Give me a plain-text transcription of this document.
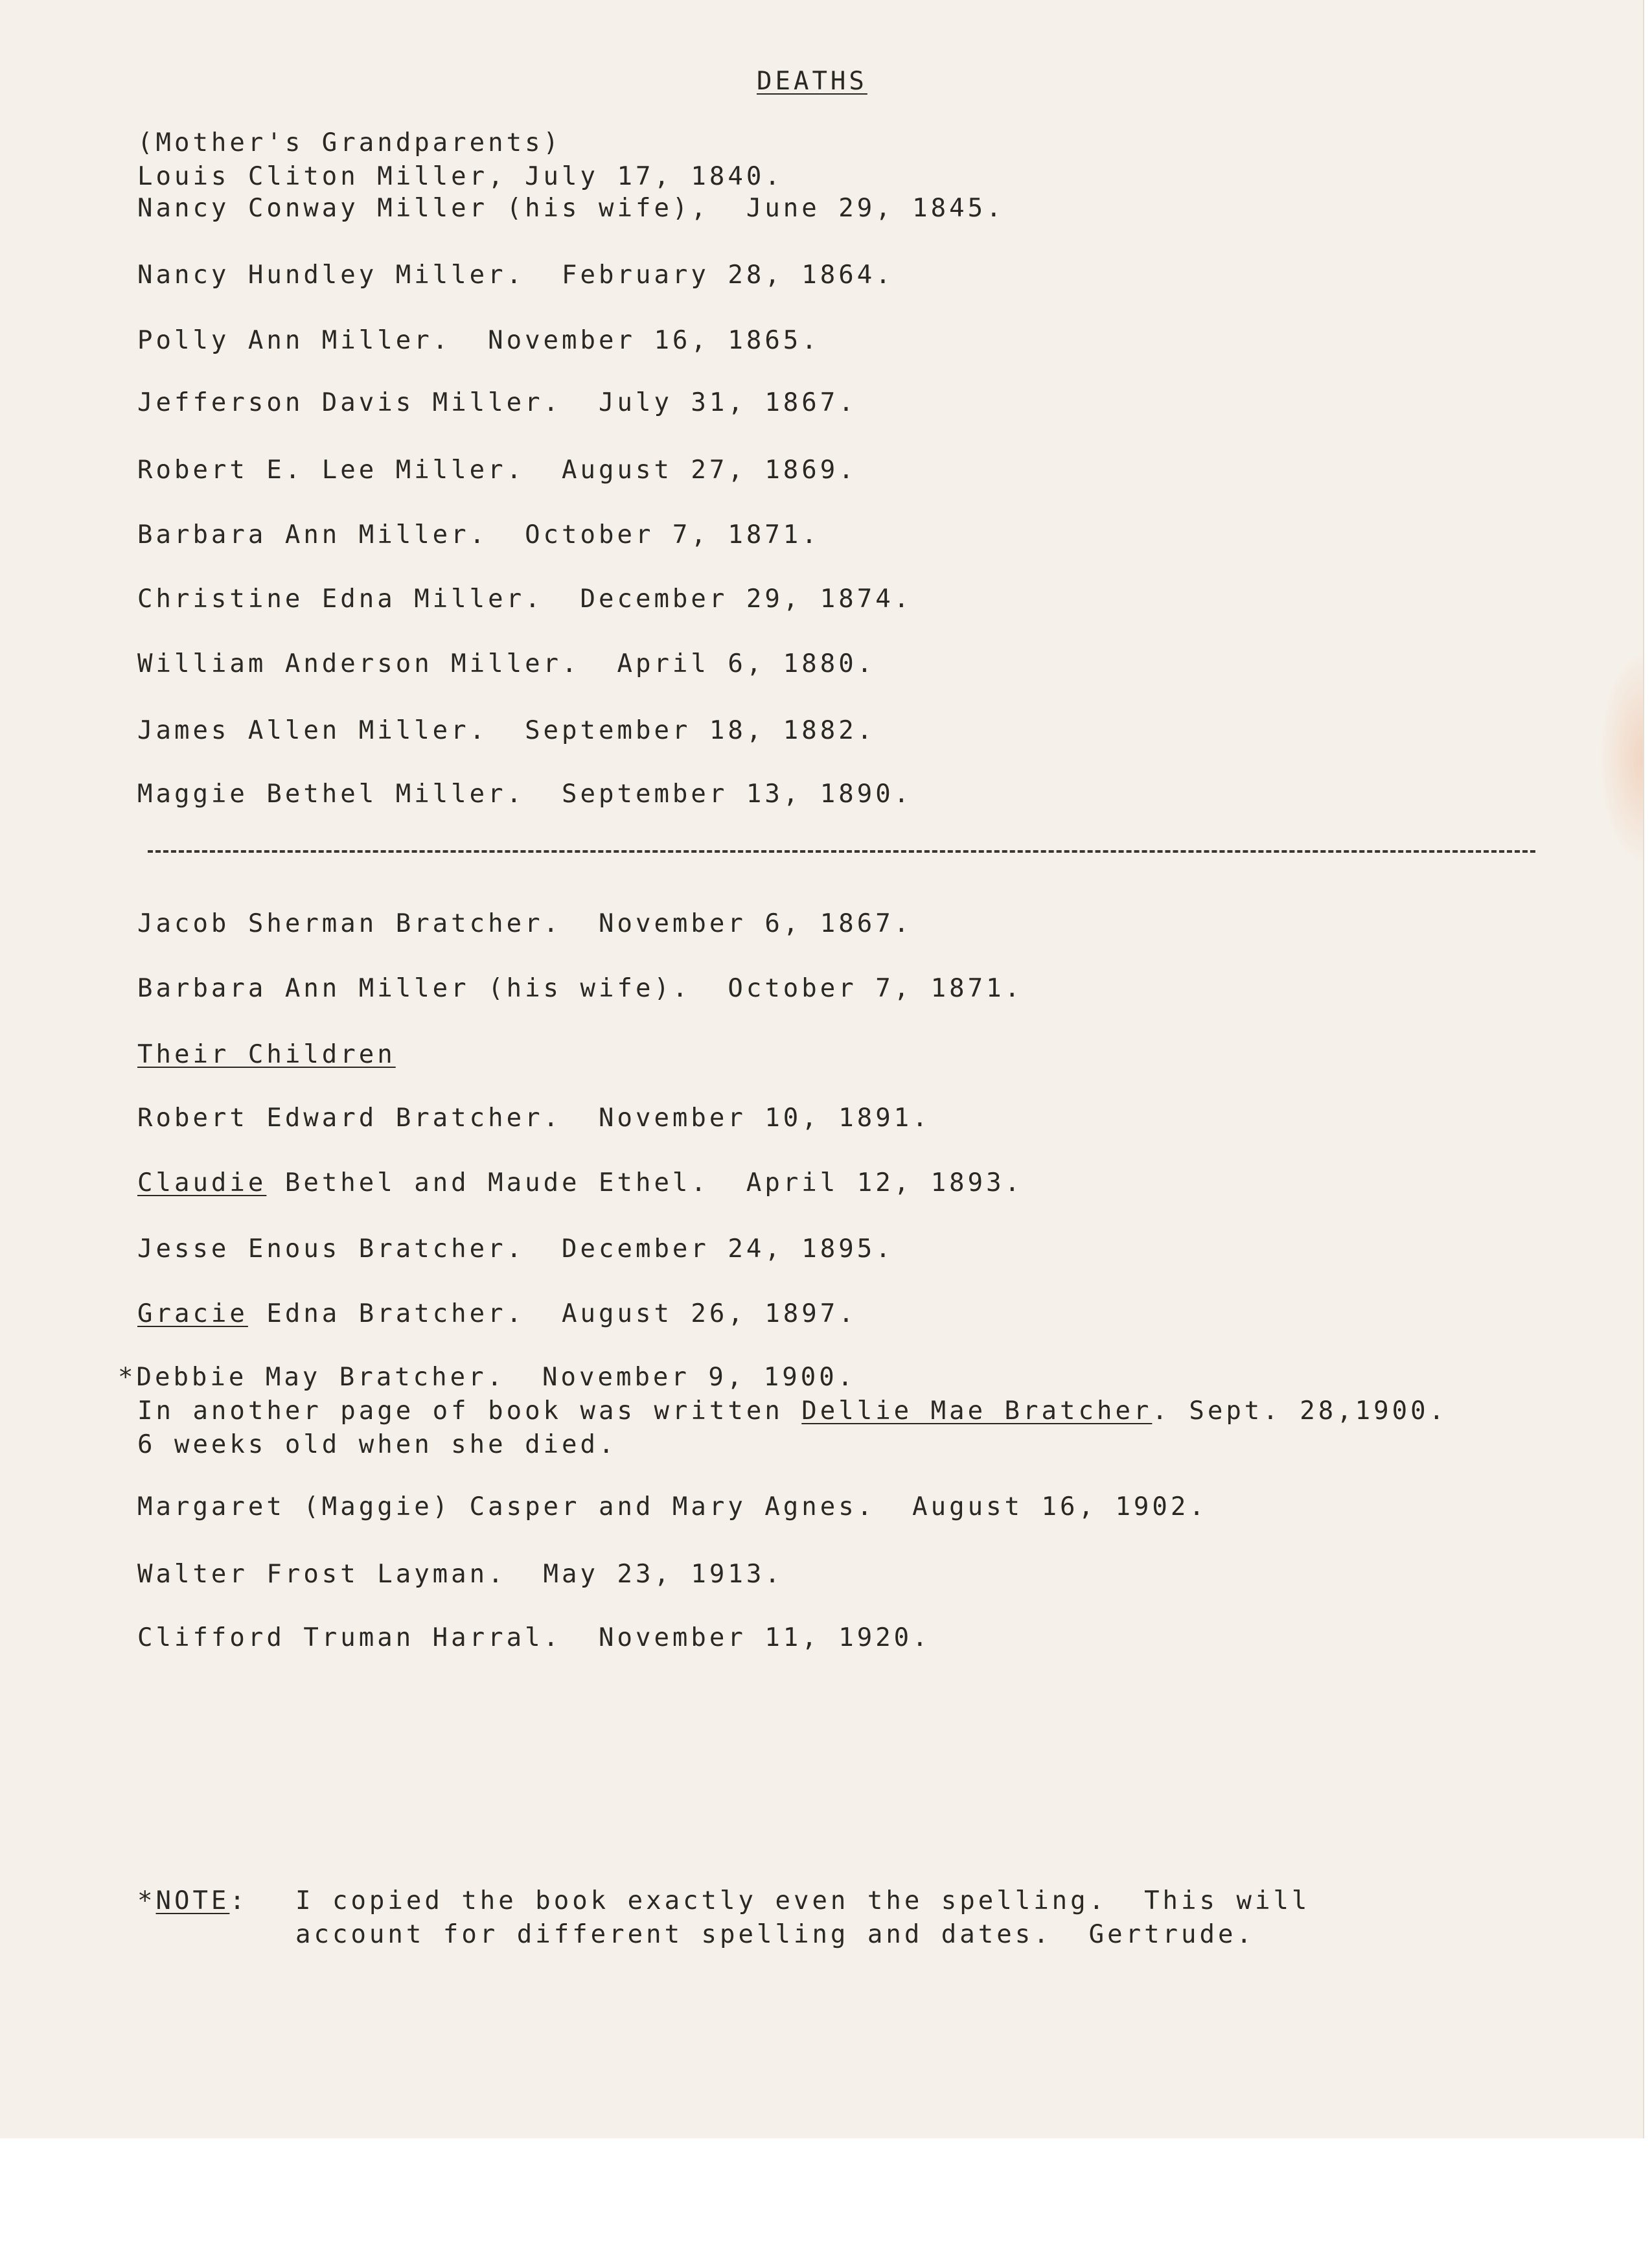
DEATHS

(Mother's Grandparents)

Louis Cliton Miller, July 17, 1840.

Nancy Conway Miller (his wife),  June 29, 1845.

Nancy Hundley Miller.  February 28, 1864.

Polly Ann Miller.  November 16, 1865.

Jefferson Davis Miller.  July 31, 1867.

Robert E. Lee Miller.  August 27, 1869.

Barbara Ann Miller.  October 7, 1871.

Christine Edna Miller.  December 29, 1874.

William Anderson Miller.  April 6, 1880.

James Allen Miller.  September 18, 1882.

Maggie Bethel Miller.  September 13, 1890.

Jacob Sherman Bratcher.  November 6, 1867.

Barbara Ann Miller (his wife).  October 7, 1871.

Their Children

Robert Edward Bratcher.  November 10, 1891.

Claudie Bethel and Maude Ethel.  April 12, 1893.

Jesse Enous Bratcher.  December 24, 1895.

Gracie Edna Bratcher.  August 26, 1897.

*Debbie May Bratcher.  November 9, 1900.

In another page of book was written Dellie Mae Bratcher. Sept. 28,1900.

6 weeks old when she died.

Margaret (Maggie) Casper and Mary Agnes.  August 16, 1902.

Walter Frost Layman.  May 23, 1913.

Clifford Truman Harral.  November 11, 1920.

*NOTE: I copied the book exactly even the spelling.  This will

account for different spelling and dates.  Gertrude.
